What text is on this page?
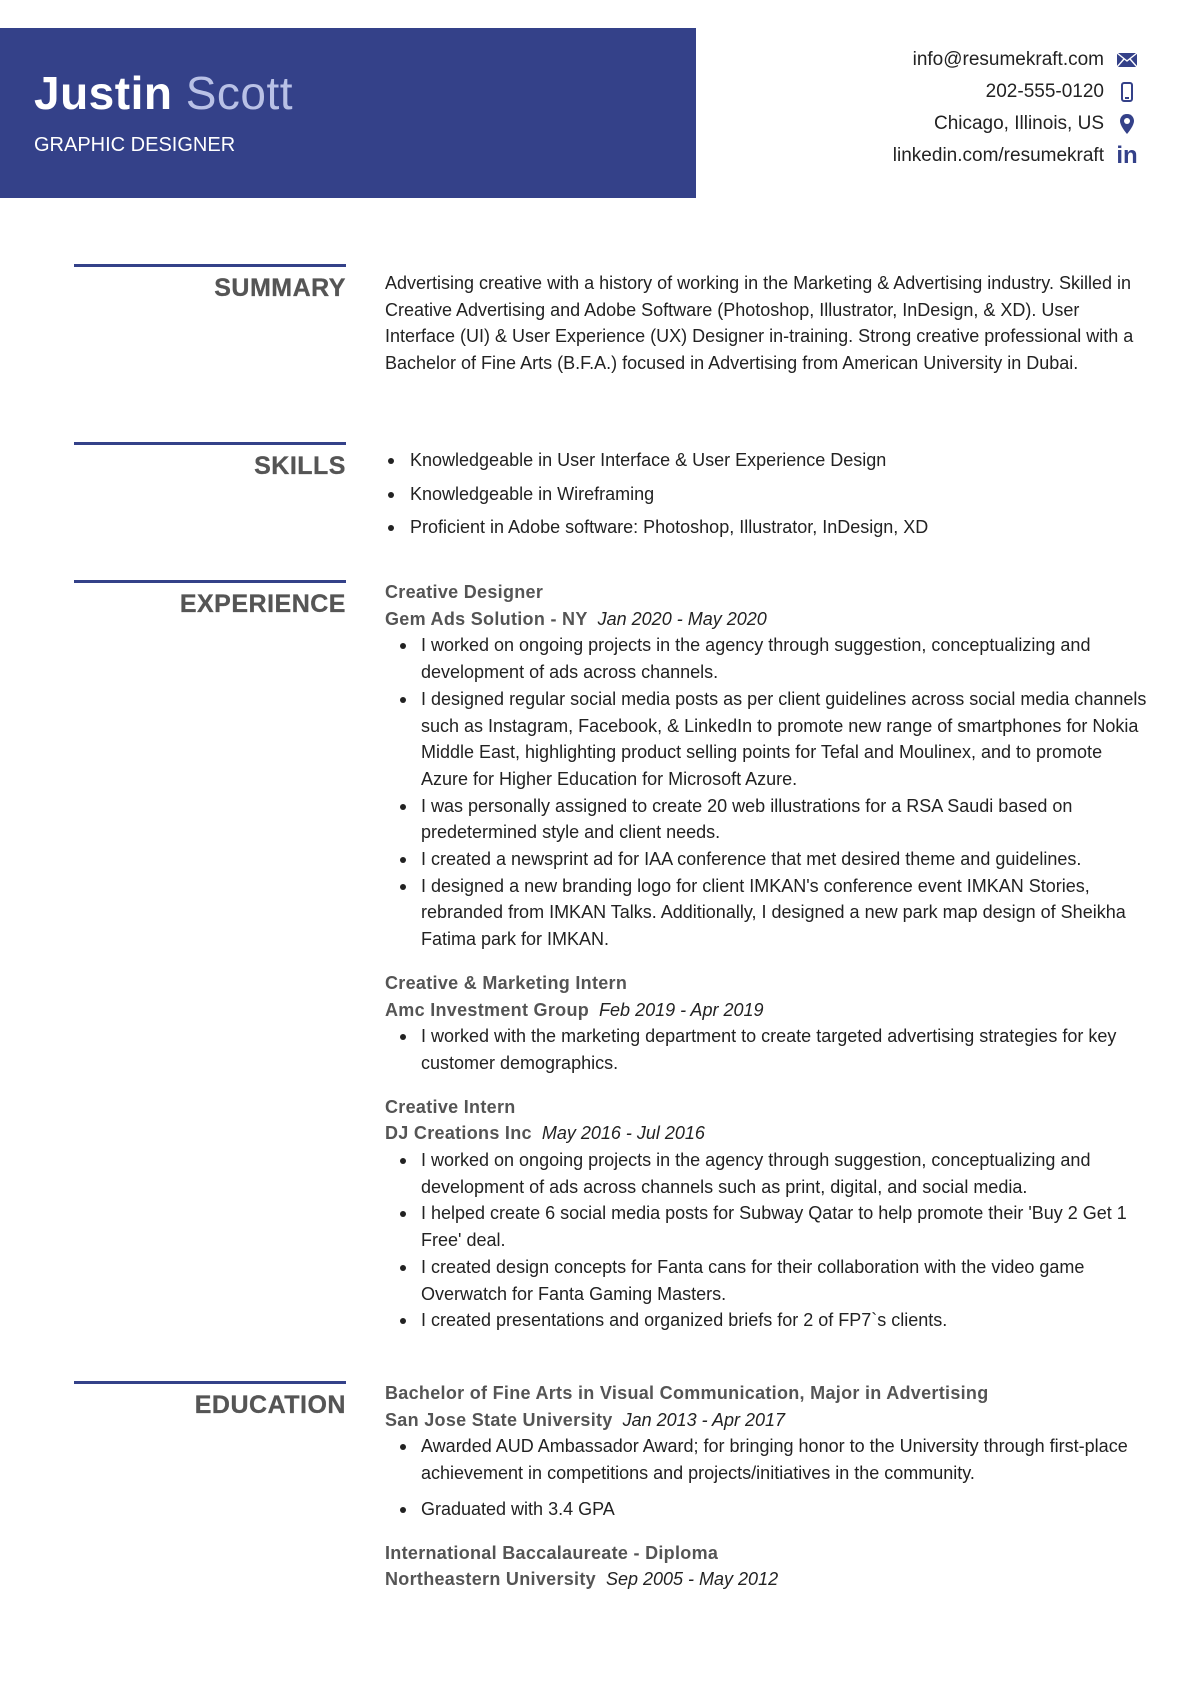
Justin Scott
GRAPHIC DESIGNER
info@resumekraft.com
202-555-0120
Chicago, Illinois, US
linkedin.com/resumekraft in
SUMMARY Advertising creative with a history of working in the Marketing & Advertising industry. Skilled in Creative Advertising and Adobe Software (Photoshop, Illustrator, InDesign, & XD). User Interface (UI) & User Experience (UX) Designer in-training. Strong creative professional with a Bachelor of Fine Arts (B.F.A.) focused in Advertising from American University in Dubai.
SKILLS	Knowledgeable in User Interface & User Experience Design
Knowledgeable in Wireframing
Proficient in Adobe software: Photoshop, Illustrator, InDesign, XD
EXPERIENCE Creative Designer
Gem Ads Solution - NY Jan 2020 - May 2020
I worked on ongoing projects in the agency through suggestion, conceptualizing and development of ads across channels.
I designed regular social media posts as per client guidelines across social media channels such as Instagram, Facebook, & LinkedIn to promote new range of smartphones for Nokia Middle East, highlighting product selling points for Tefal and Moulinex, and to promote Azure for Higher Education for Microsoft Azure.
I was personally assigned to create 20 web illustrations for a RSA Saudi based on predetermined style and client needs.
I created a newsprint ad for IAA conference that met desired theme and guidelines.
I designed a new branding logo for client IMKAN's conference event IMKAN Stories, rebranded from IMKAN Talks. Additionally, I designed a new park map design of Sheikha Fatima park for IMKAN.
Creative & Marketing Intern
Amc Investment Group Feb 2019 - Apr 2019
I worked with the marketing department to create targeted advertising strategies for key customer demographics.
Creative Intern
DJ Creations Inc May 2016 - Jul 2016
I worked on ongoing projects in the agency through suggestion, conceptualizing and development of ads across channels such as print, digital, and social media.
I helped create 6 social media posts for Subway Qatar to help promote their 'Buy 2 Get 1 Free' deal.
I created design concepts for Fanta cans for their collaboration with the video game Overwatch for Fanta Gaming Masters.
I created presentations and organized briefs for 2 of FP7`s clients.
EDUCATION Bachelor of Fine Arts in Visual Communication, Major in Advertising
San Jose State University Jan 2013 - Apr 2017
Awarded AUD Ambassador Award; for bringing honor to the University through first-place achievement in competitions and projects/initiatives in the community.
Graduated with 3.4 GPA
International Baccalaureate - Diploma
Northeastern University Sep 2005 - May 2012
